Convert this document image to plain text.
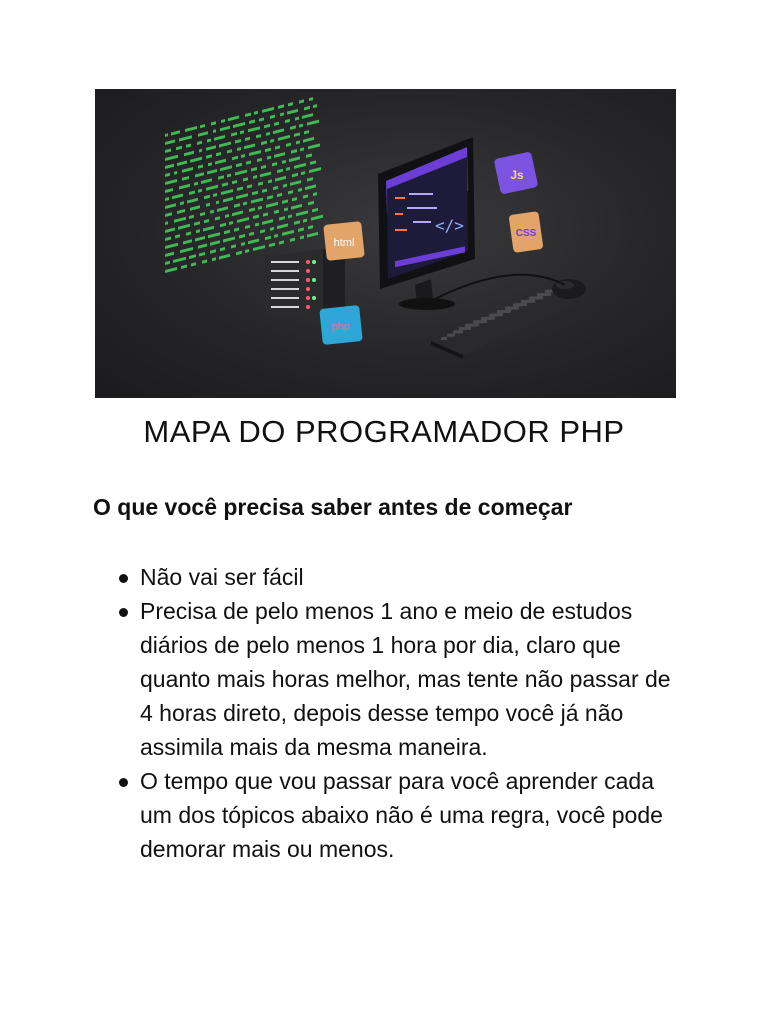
</>
html
Js
CSS
php
MAPA DO PROGRAMADOR PHP
O que você precisa saber antes de começar
Não vai ser fácil
Precisa de pelo menos 1 ano e meio de estudos diários de pelo menos 1 hora por dia, claro que quanto mais horas melhor, mas tente não passar de 4 horas direto, depois desse tempo você já não assimila mais da mesma maneira.
O tempo que vou passar para você aprender cada um dos tópicos abaixo não é uma regra, você pode demorar mais ou menos.
